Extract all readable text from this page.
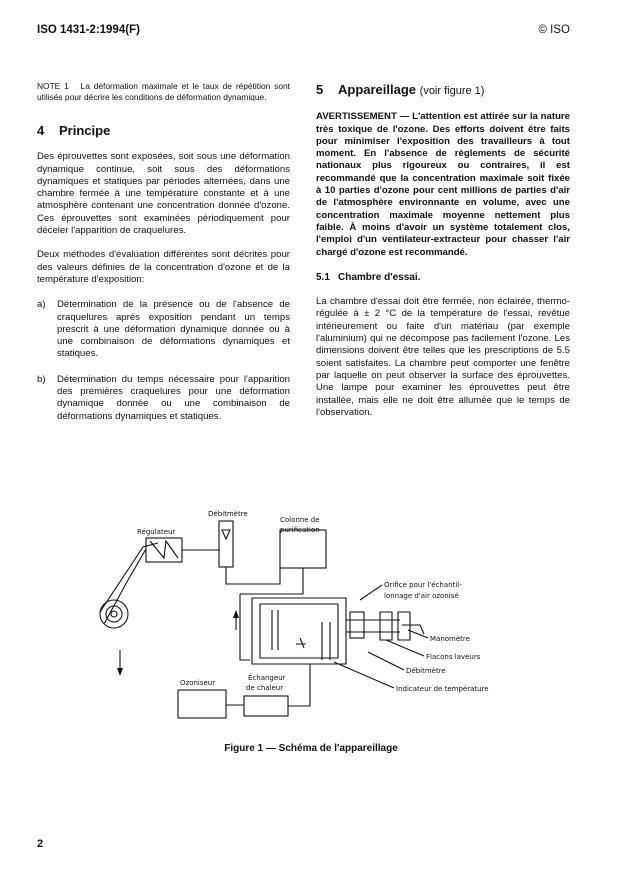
ISO 1431-2:1994(F)	© ISO
NOTE 1 La déformation maximale et le taux de répétition sont utilisés pour décrire les conditions de déformation dynamique.
4 Principe

Des éprouvettes sont exposées, soit sous une déformation dynamique continue, soit sous des déformations dynamiques et statiques par périodes alternées, dans une chambre fermée à une température constante et à une atmosphère contenant une concentration donnée d'ozone. Ces éprouvettes sont examinées périodiquement pour déceler l'apparition de craquelures.

Deux méthodes d'évaluation différentes sont décrites pour des valeurs définies de la concentration d'ozone et de la température d'exposition:

a)	Détermination de la présence ou de l'absence de craquelures après exposition pendant un temps prescrit à une déformation dynamique donnée ou à une combinaison de déformations dynamiques et statiques.
b)	Détermination du temps nécessaire pour l'apparition des premières craquelures pour une déformation dynamique donnée ou une combinaison de déformations dynamiques et statiques.
5 Appareillage (voir figure 1)

AVERTISSEMENT — L'attention est attirée sur la nature très toxique de l'ozone. Des efforts doivent être faits pour minimiser l'exposition des travailleurs à tout moment. En l'absence de règlements de sécurité nationaux plus rigoureux ou contraires, il est recommandé que la concentration maximale soit fixée à 10 parties d'ozone pour cent millions de parties d'air de l'atmosphère environnante en volume, avec une concentration maximale moyenne nettement plus faible. À moins d'avoir un système totalement clos, l'emploi d'un ventilateur-extracteur pour chasser l'air chargé d'ozone est recommandé.

5.1 Chambre d'essai.

La chambre d'essai doit être fermée, non éclairée, thermo-régulée à ± 2 °C de la température de l'essai, revêtue intérieurement ou faite d'un matériau (par exemple l'aluminium) qui ne décompose pas facilement l'ozone. Les dimensions doivent être telles que les prescriptions de 5.5 soient satisfaites. La chambre peut comporter une fenêtre par laquelle on peut observer la surface des éprouvettes. Une lampe pour examiner les éprouvettes peut être installée, mais elle ne doit être allumée que le temps de l'observation.

Débitmètre
Régulateur
Colonne de
purification
Orifice pour l'échantil-
lonnage d'air ozonisé
Manomètre
Flacons laveurs
Débitmètre
Indicateur de température
Ozoniseur
Échangeur
de chaleur
Figure 1 — Schéma de l'appareillage
2
